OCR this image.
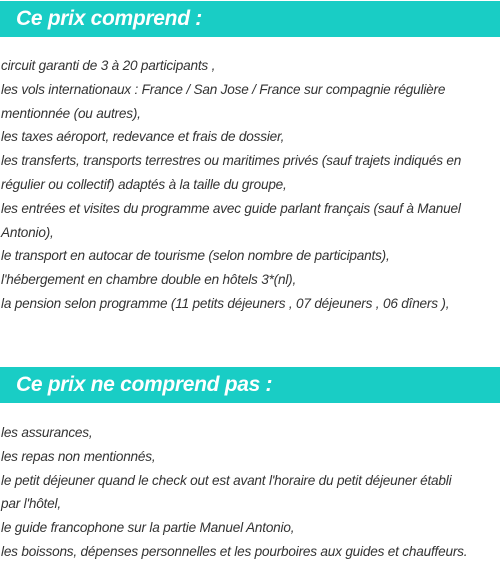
Ce prix comprend :
circuit garanti de 3 à 20 participants ,
les vols internationaux : France / San Jose / France sur compagnie régulière
mentionnée (ou autres),
les taxes aéroport, redevance et frais de dossier,
les transferts, transports terrestres ou maritimes privés (sauf trajets indiqués en
régulier ou collectif) adaptés à la taille du groupe,
les entrées et visites du programme avec guide parlant français (sauf à Manuel
Antonio),
le transport en autocar de tourisme (selon nombre de participants),
l'hébergement en chambre double en hôtels 3*(nl),
la pension selon programme (11 petits déjeuners , 07 déjeuners , 06 dîners ),
Ce prix ne comprend pas :
les assurances,
les repas non mentionnés,
le petit déjeuner quand le check out est avant l'horaire du petit déjeuner établi
par l'hôtel,
le guide francophone sur la partie Manuel Antonio,
les boissons, dépenses personnelles et les pourboires aux guides et chauffeurs.
